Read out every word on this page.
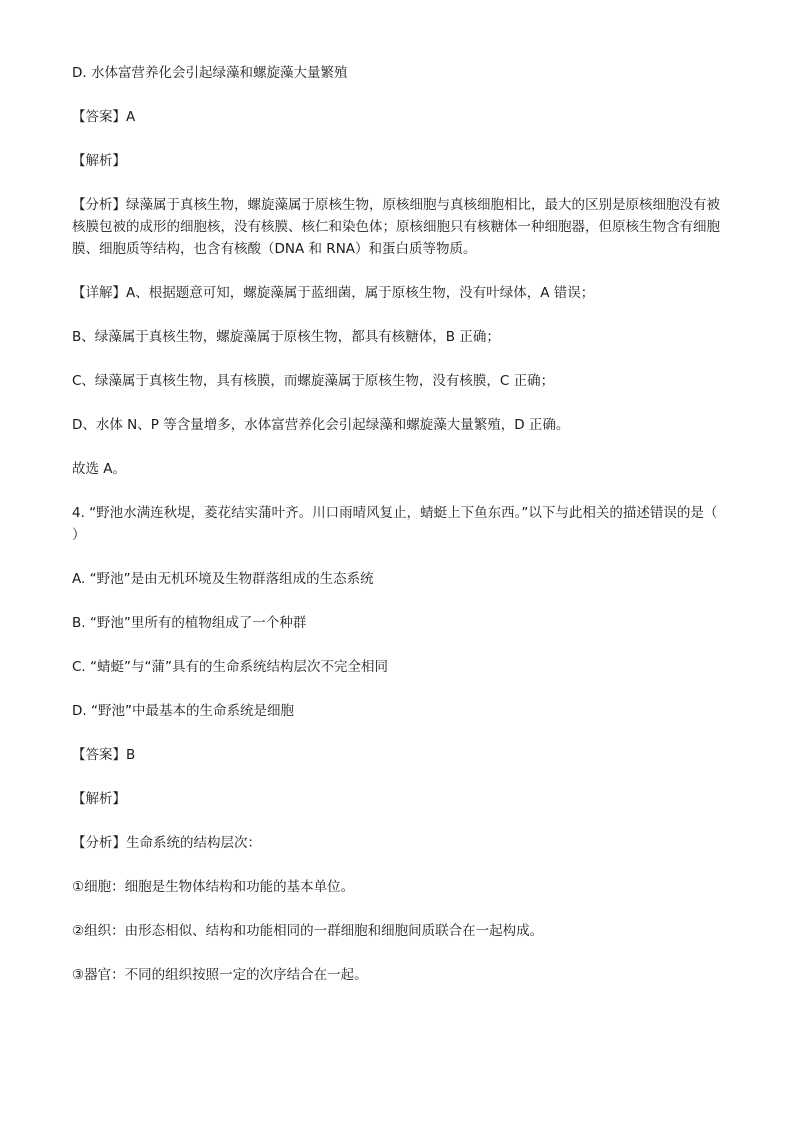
D. 水体富营养化会引起绿藻和螺旋藻大量繁殖

【答案】A

【解析】

【分析】绿藻属于真核生物，螺旋藻属于原核生物，原核细胞与真核细胞相比，最大的区别是原核细胞没有被核膜包被的成形的细胞核，没有核膜、核仁和染色体；原核细胞只有核糖体一种细胞器，但原核生物含有细胞膜、细胞质等结构，也含有核酸（DNA 和 RNA）和蛋白质等物质。

【详解】A、根据题意可知，螺旋藻属于蓝细菌，属于原核生物，没有叶绿体，A 错误；

B、绿藻属于真核生物，螺旋藻属于原核生物，都具有核糖体，B 正确；

C、绿藻属于真核生物，具有核膜，而螺旋藻属于原核生物，没有核膜，C 正确；

D、水体 N、P 等含量增多，水体富营养化会引起绿藻和螺旋藻大量繁殖，D 正确。

故选 A。

4. “野池水满连秋堤，菱花结实蒲叶齐。川口雨晴风复止，蜻蜓上下鱼东西。”以下与此相关的描述错误的是（　　）

A. “野池”是由无机环境及生物群落组成的生态系统

B. “野池”里所有的植物组成了一个种群

C. “蜻蜓”与“蒲”具有的生命系统结构层次不完全相同

D. “野池”中最基本的生命系统是细胞

【答案】B

【解析】

【分析】生命系统的结构层次：

①细胞：细胞是生物体结构和功能的基本单位。

②组织：由形态相似、结构和功能相同的一群细胞和细胞间质联合在一起构成。

③器官：不同的组织按照一定的次序结合在一起。
